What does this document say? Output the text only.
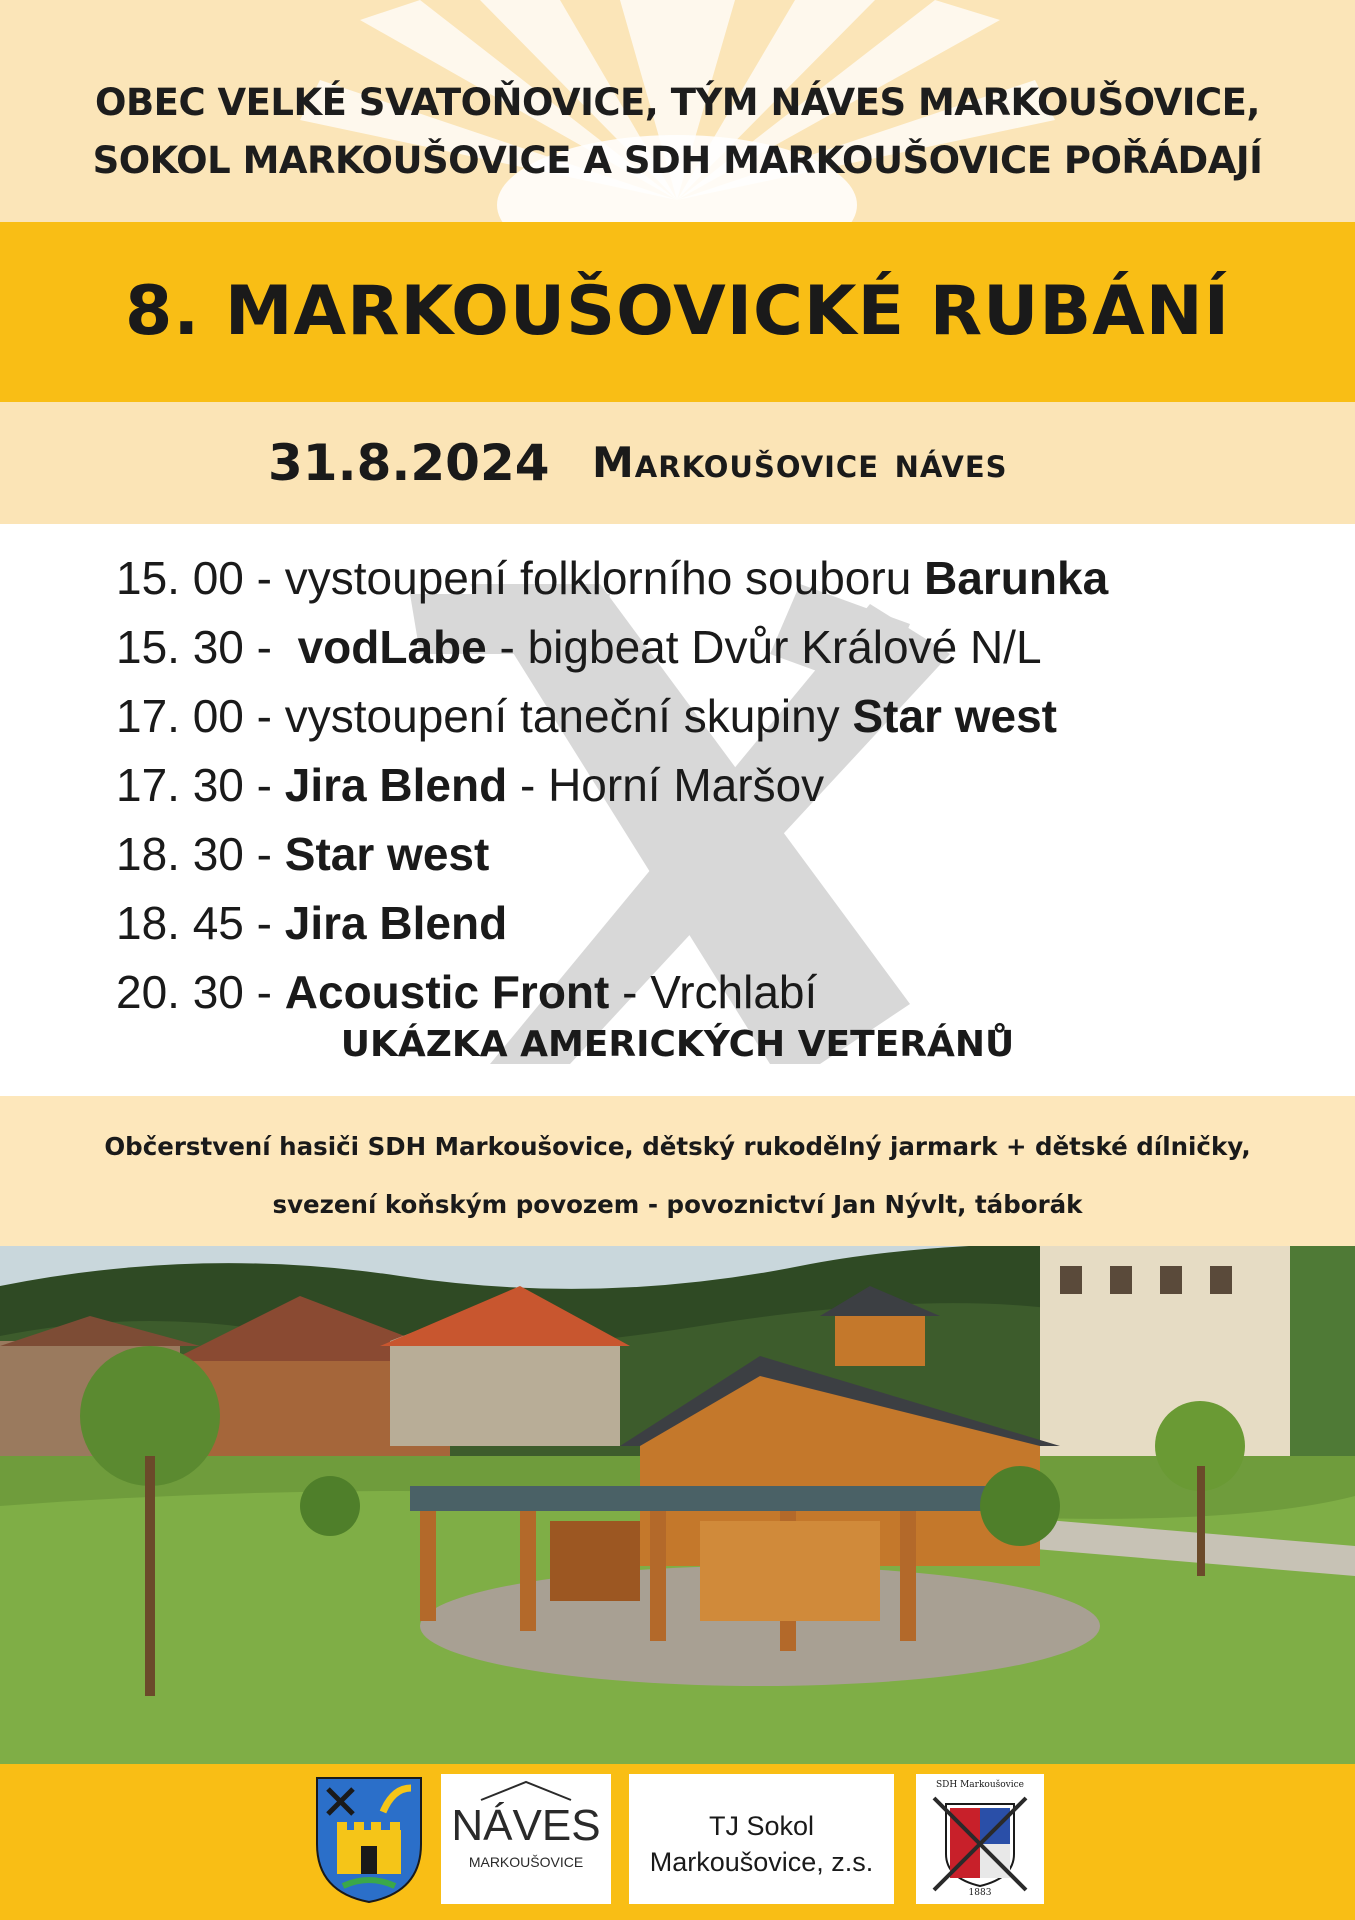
OBEC VELKÉ SVATOŇOVICE, TÝM NÁVES MARKOUŠOVICE,
SOKOL MARKOUŠOVICE A SDH MARKOUŠOVICE POŘÁDAJÍ
8. MARKOUŠOVICKÉ RUBÁNÍ
31.8.2024 Markoušovice náves
15. 00 - vystoupení folklorního souboru Barunka
15. 30 -  vodLabe - bigbeat Dvůr Králové N/L
17. 00 - vystoupení taneční skupiny Star west
17. 30 - Jira Blend - Horní Maršov
18. 30 - Star west
18. 45 - Jira Blend
20. 30 - Acoustic Front - Vrchlabí
UKÁZKA AMERICKÝCH VETERÁNŮ
Občerstvení hasiči SDH Markoušovice, dětský rukodělný jarmark + dětské dílničky,
svezení koňským povozem - povoznictví Jan Nývlt, táborák
NÁVES
MARKOUŠOVICE
TJ Sokol
Markoušovice, z.s.
SDH Markoušovice
1883
